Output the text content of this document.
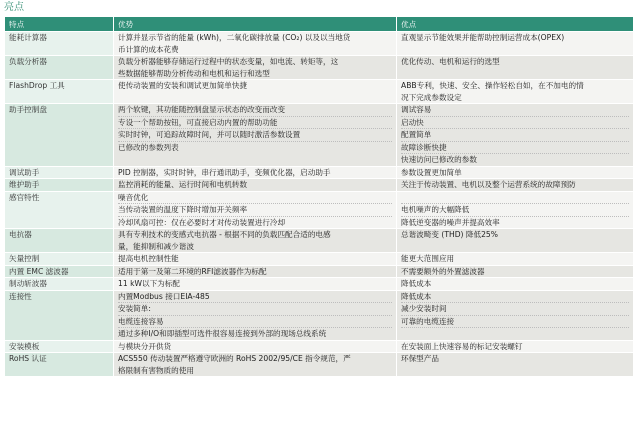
亮点
特点	优势	优点

能耗计算器	计算并显示节省的能量 (kWh)，二氧化碳排放量 (CO₂) 以及以当地货
币计算的成本花费	直观显示节能效果并能帮助控制运营成本(OPEX)

负载分析器	负载分析器能够存储运行过程中的状态变量，如电流、转矩等，这
些数据能够帮助分析传动和电机和运行和选型	优化传动、电机和运行的选型

FlashDrop 工具	使传动装置的安装和调试更加简单快捷	ABB专利，快速、安全、操作轻松自如，在不加电的情
况下完成参数设定

助手控制盘	两个软键，其功能随控制盘显示状态的改变而改变
专设一个帮助按钮，可直接启动内置的帮助功能
实时时钟，可追踪故障时间，并可以随时激活参数设置
已修改的参数列表	调试容易
启动快
配置简单
故障诊断快捷
快速访问已修改的参数

调试助手	PID 控制器，实时时钟，串行通讯助手，变频优化器，启动助手	参数设置更加简单

维护助手	监控消耗的能量、运行时间和电机转数	关注于传动装置、电机以及整个运营系统的故障预防

感官特性	噪音优化
当传动装置的温度下降时增加开关频率
冷却风扇可控：仅在必要时才对传动装置进行冷却	电机噪声的大幅降低
降低逆变器的噪声并提高效率

电抗器	具有专利技术的变感式电抗器 - 根据不同的负载匹配合适的电感
量，能抑制和减少谐波	总谐波畸变 (THD) 降低25%

矢量控制	提高电机控制性能	能更大范围应用

内置 EMC 滤波器	适用于第一及第二环境的RFI滤波器作为标配	不需要额外的外置滤波器

制动斩波器	11 kW以下为标配	降低成本

连接性	内置Modbus 接口EIA-485
安装简单:
电缆连接容易
通过多种I/O和即插型可选件很容易连接到外部的现场总线系统	降低成本
减少安装时间
可靠的电缆连接

安装模板	与模块分开供货	在安装面上快速容易的标记安装螺钉

RoHS 认证	ACS550 传动装置严格遵守欧洲的 RoHS 2002/95/CE 指令规范，严
格限制有害物质的使用	环保型产品
